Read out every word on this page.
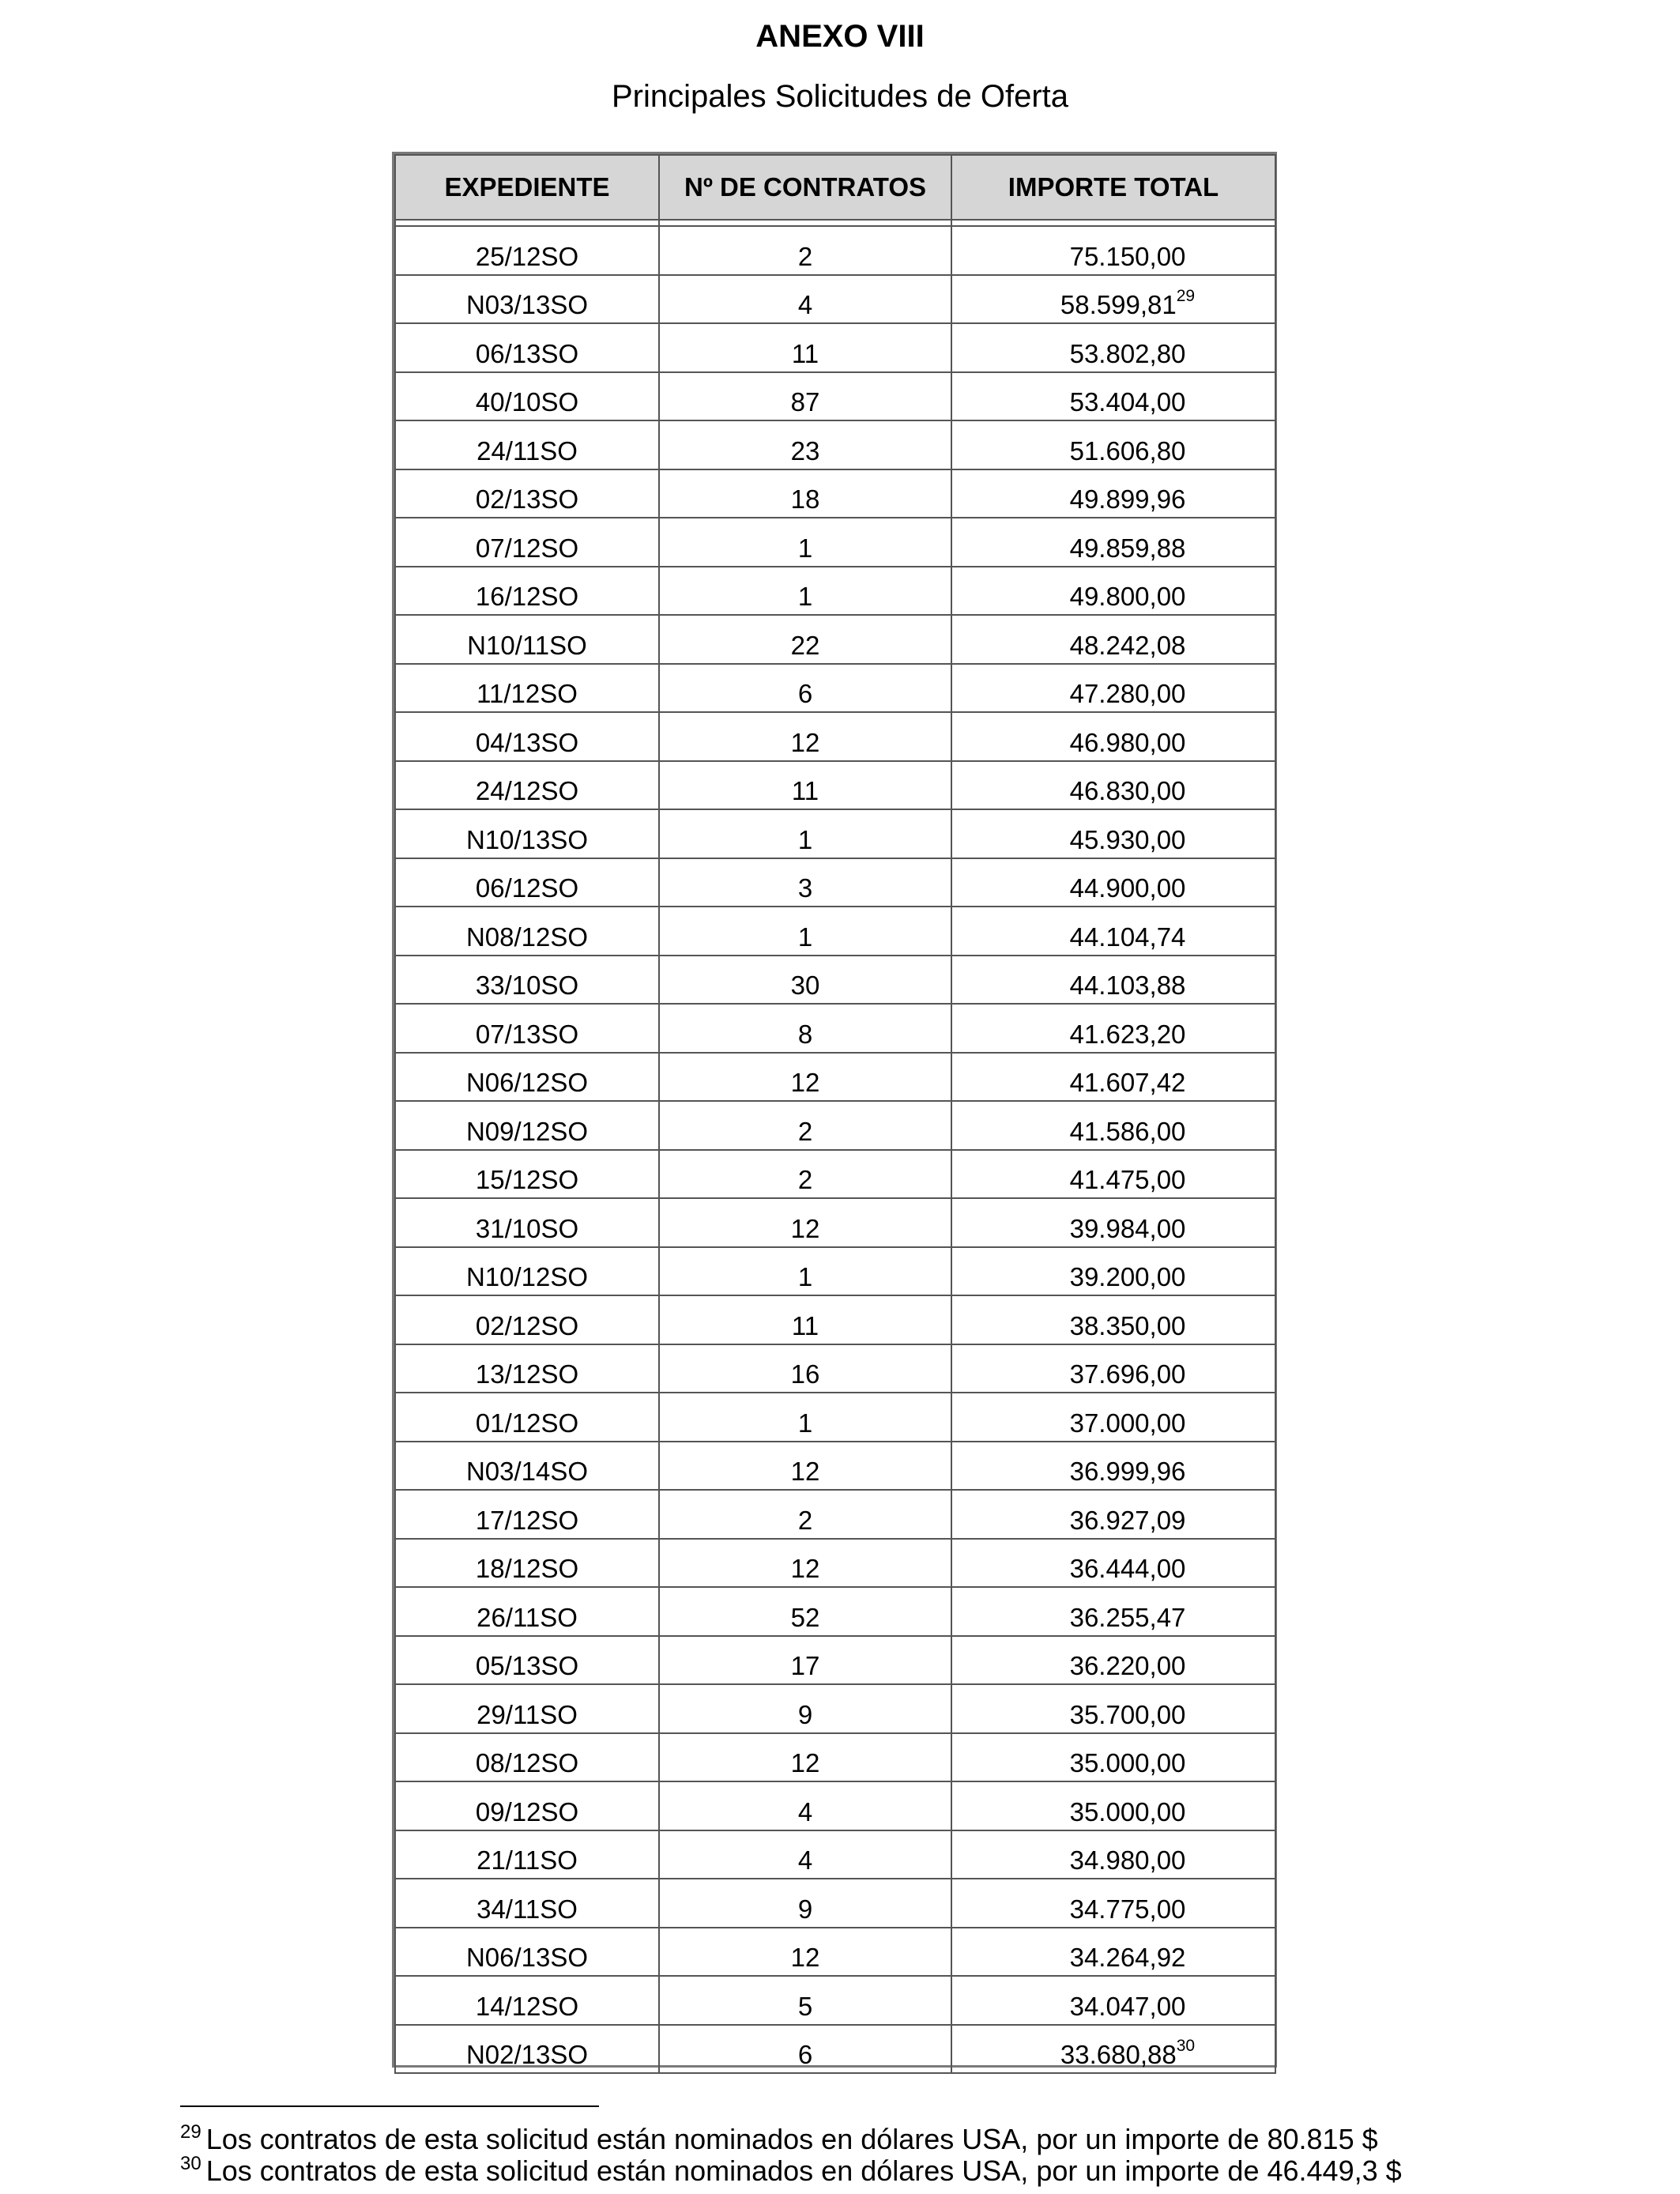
ANEXO VIII
Principales Solicitudes de Oferta
EXPEDIENTE	Nº DE CONTRATOS	IMPORTE TOTAL

25/12SO	2	75.150,00

N03/13SO	4	58.599,81$^{29}$

06/13SO	11	53.802,80

40/10SO	87	53.404,00

24/11SO	23	51.606,80

02/13SO	18	49.899,96

07/12SO	1	49.859,88

16/12SO	1	49.800,00

N10/11SO	22	48.242,08

11/12SO	6	47.280,00

04/13SO	12	46.980,00

24/12SO	11	46.830,00

N10/13SO	1	45.930,00

06/12SO	3	44.900,00

N08/12SO	1	44.104,74

33/10SO	30	44.103,88

07/13SO	8	41.623,20

N06/12SO	12	41.607,42

N09/12SO	2	41.586,00

15/12SO	2	41.475,00

31/10SO	12	39.984,00

N10/12SO	1	39.200,00

02/12SO	11	38.350,00

13/12SO	16	37.696,00

01/12SO	1	37.000,00

N03/14SO	12	36.999,96

17/12SO	2	36.927,09

18/12SO	12	36.444,00

26/11SO	52	36.255,47

05/13SO	17	36.220,00

29/11SO	9	35.700,00

08/12SO	12	35.000,00

09/12SO	4	35.000,00

21/11SO	4	34.980,00

34/11SO	9	34.775,00

N06/13SO	12	34.264,92

14/12SO	5	34.047,00

N02/13SO	6	33.680,88$^{30}$
$^{29}$ Los contratos de esta solicitud están nominados en dólares USA, por un importe de 80.815 $
$^{30}$ Los contratos de esta solicitud están nominados en dólares USA, por un importe de 46.449,3 $
